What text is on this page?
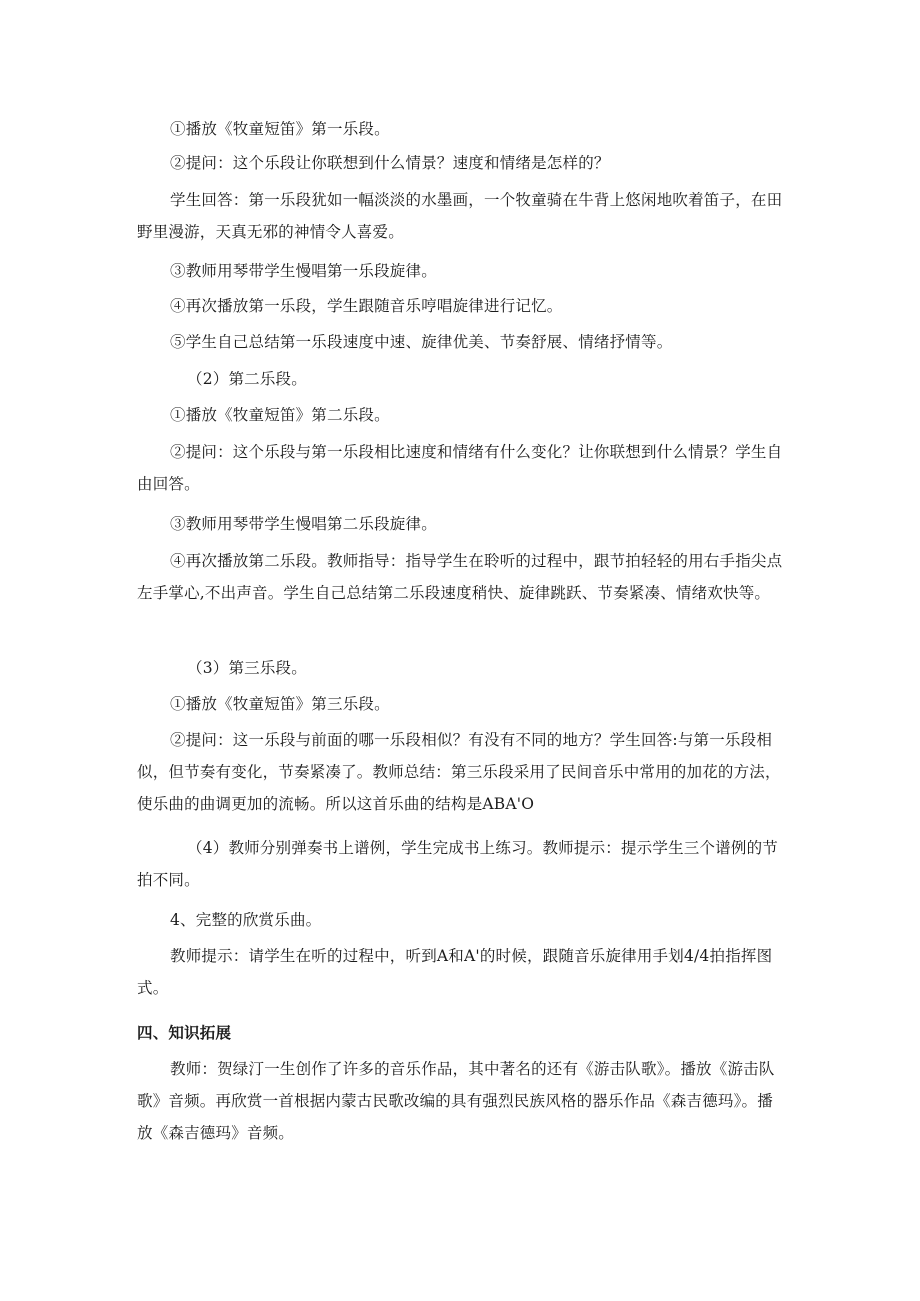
①播放《牧童短笛》第一乐段。

②提问：这个乐段让你联想到什么情景？速度和情绪是怎样的？

学生回答：第一乐段犹如一幅淡淡的水墨画，一个牧童骑在牛背上悠闲地吹着笛子，在田野里漫游，天真无邪的神情令人喜爱。

③教师用琴带学生慢唱第一乐段旋律。

④再次播放第一乐段，学生跟随音乐哼唱旋律进行记忆。

⑤学生自己总结第一乐段速度中速、旋律优美、节奏舒展、情绪抒情等。

（2）第二乐段。

①播放《牧童短笛》第二乐段。

②提问：这个乐段与第一乐段相比速度和情绪有什么变化？让你联想到什么情景？学生自由回答。

③教师用琴带学生慢唱第二乐段旋律。

④再次播放第二乐段。教师指导：指导学生在聆听的过程中，跟节拍轻轻的用右手指尖点左手掌心,不出声音。学生自己总结第二乐段速度稍快、旋律跳跃、节奏紧凑、情绪欢快等。

（3）第三乐段。

①播放《牧童短笛》第三乐段。

②提问：这一乐段与前面的哪一乐段相似？有没有不同的地方？学生回答:与第一乐段相似，但节奏有变化，节奏紧凑了。教师总结：第三乐段采用了民间音乐中常用的加花的方法，使乐曲的曲调更加的流畅。所以这首乐曲的结构是ABA'O

（4）教师分别弹奏书上谱例，学生完成书上练习。教师提示：提示学生三个谱例的节拍不同。

4、完整的欣赏乐曲。

教师提示：请学生在听的过程中，听到A和A'的时候，跟随音乐旋律用手划4/4拍指挥图式。

四、知识拓展

教师：贺绿汀一生创作了许多的音乐作品，其中著名的还有《游击队歌》。播放《游击队歌》音频。再欣赏一首根据内蒙古民歌改编的具有强烈民族风格的器乐作品《森吉德玛》。播放《森吉德玛》音频。
